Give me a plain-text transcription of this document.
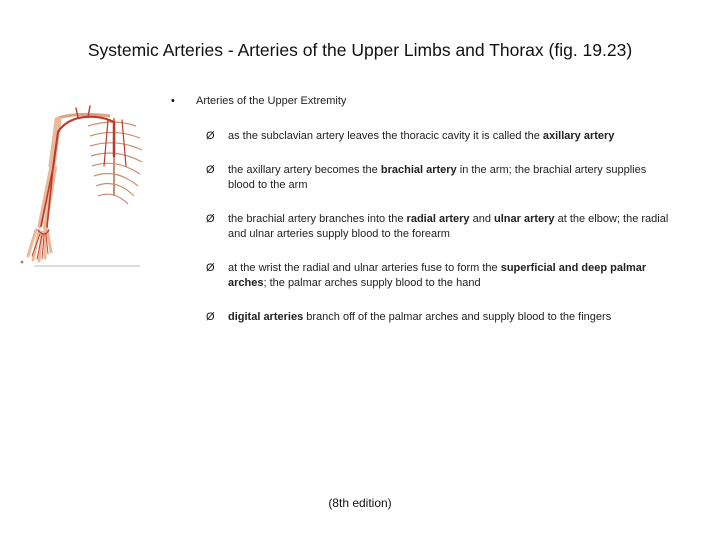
Systemic Arteries - Arteries of the Upper Limbs and Thorax (fig. 19.23)
• Arteries of the Upper Extremity
Ø as the subclavian artery leaves the thoracic cavity it is called the axillary artery
Ø the axillary artery becomes the brachial artery in the arm; the brachial artery supplies blood to the arm
Ø the brachial artery branches into the radial artery and ulnar artery at the elbow; the radial and ulnar arteries supply blood to the forearm
Ø at the wrist the radial and ulnar arteries fuse to form the superficial and deep palmar arches; the palmar arches supply blood to the hand
Ø digital arteries branch off of the palmar arches and supply blood to the fingers
(8th edition)
